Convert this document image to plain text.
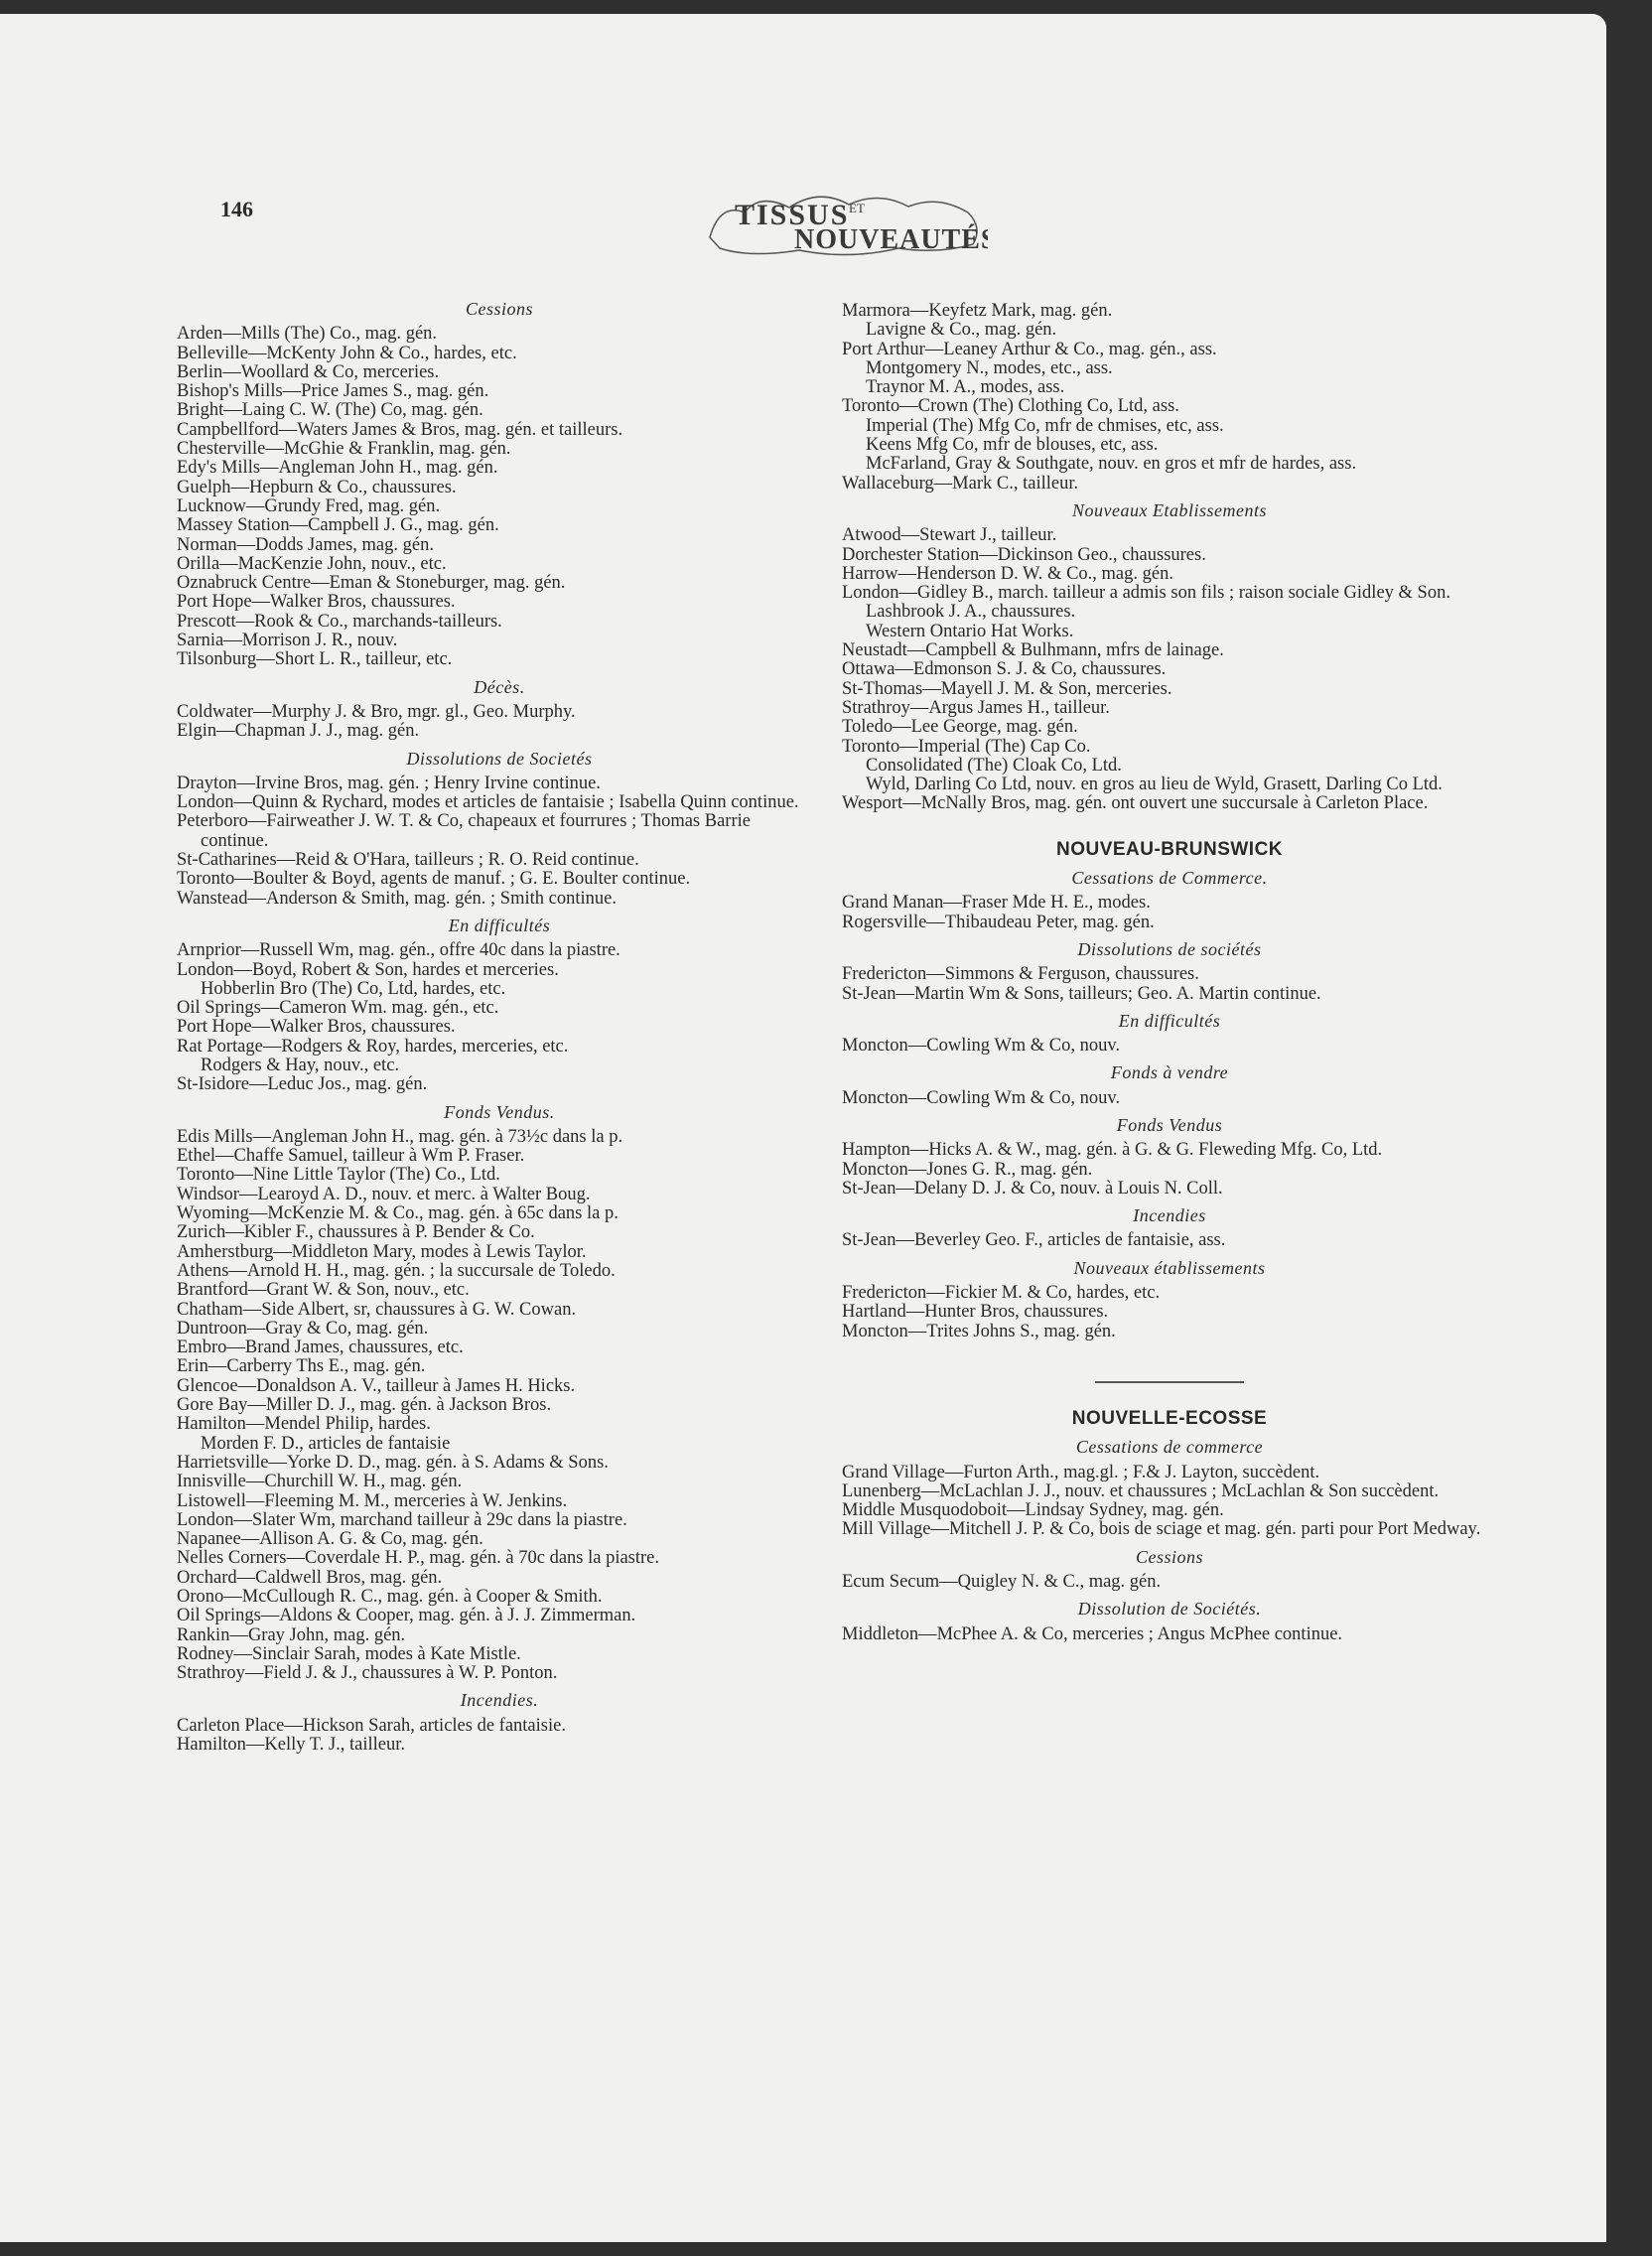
146	TISSUS ET
NOUVEAUTÉS
Cessions
Arden—Mills (The) Co., mag. gén.
Belleville—McKenty John & Co., hardes, etc.
Berlin—Woollard & Co, merceries.
Bishop's Mills—Price James S., mag. gén.
Bright—Laing C. W. (The) Co, mag. gén.
Campbellford—Waters James & Bros, mag. gén. et tailleurs.
Chesterville—McGhie & Franklin, mag. gén.
Edy's Mills—Angleman John H., mag. gén.
Guelph—Hepburn & Co., chaussures.
Lucknow—Grundy Fred, mag. gén.
Massey Station—Campbell J. G., mag. gén.
Norman—Dodds James, mag. gén.
Orilla—MacKenzie John, nouv., etc.
Oznabruck Centre—Eman & Stoneburger, mag. gén.
Port Hope—Walker Bros, chaussures.
Prescott—Rook & Co., marchands-tailleurs.
Sarnia—Morrison J. R., nouv.
Tilsonburg—Short L. R., tailleur, etc.
Décès.
Coldwater—Murphy J. & Bro, mgr. gl., Geo. Murphy.
Elgin—Chapman J. J., mag. gén.
Dissolutions de Societés
Drayton—Irvine Bros, mag. gén. ; Henry Irvine continue.
London—Quinn & Rychard, modes et articles de fantaisie ; Isabella Quinn continue.
Peterboro—Fairweather J. W. T. & Co, chapeaux et fourrures ; Thomas Barrie continue.
St-Catharines—Reid & O'Hara, tailleurs ; R. O. Reid continue.
Toronto—Boulter & Boyd, agents de manuf. ; G. E. Boulter continue.
Wanstead—Anderson & Smith, mag. gén. ; Smith continue.
En difficultés
Arnprior—Russell Wm, mag. gén., offre 40c dans la piastre.
London—Boyd, Robert & Son, hardes et merceries.
Hobberlin Bro (The) Co, Ltd, hardes, etc.
Oil Springs—Cameron Wm. mag. gén., etc.
Port Hope—Walker Bros, chaussures.
Rat Portage—Rodgers & Roy, hardes, merceries, etc.
Rodgers & Hay, nouv., etc.
St-Isidore—Leduc Jos., mag. gén.
Fonds Vendus.
Edis Mills—Angleman John H., mag. gén. à 73½c dans la p.
Ethel—Chaffe Samuel, tailleur à Wm P. Fraser.
Toronto—Nine Little Taylor (The) Co., Ltd.
Windsor—Learoyd A. D., nouv. et merc. à Walter Boug.
Wyoming—McKenzie M. & Co., mag. gén. à 65c dans la p.
Zurich—Kibler F., chaussures à P. Bender & Co.
Amherstburg—Middleton Mary, modes à Lewis Taylor.
Athens—Arnold H. H., mag. gén. ; la succursale de Toledo.
Brantford—Grant W. & Son, nouv., etc.
Chatham—Side Albert, sr, chaussures à G. W. Cowan.
Duntroon—Gray & Co, mag. gén.
Embro—Brand James, chaussures, etc.
Erin—Carberry Ths E., mag. gén.
Glencoe—Donaldson A. V., tailleur à James H. Hicks.
Gore Bay—Miller D. J., mag. gén. à Jackson Bros.
Hamilton—Mendel Philip, hardes.
Morden F. D., articles de fantaisie
Harrietsville—Yorke D. D., mag. gén. à S. Adams & Sons.
Innisville—Churchill W. H., mag. gén.
Listowell—Fleeming M. M., merceries à W. Jenkins.
London—Slater Wm, marchand tailleur à 29c dans la piastre.
Napanee—Allison A. G. & Co, mag. gén.
Nelles Corners—Coverdale H. P., mag. gén. à 70c dans la piastre.
Orchard—Caldwell Bros, mag. gén.
Orono—McCullough R. C., mag. gén. à Cooper & Smith.
Oil Springs—Aldons & Cooper, mag. gén. à J. J. Zimmerman.
Rankin—Gray John, mag. gén.
Rodney—Sinclair Sarah, modes à Kate Mistle.
Strathroy—Field J. & J., chaussures à W. P. Ponton.
Incendies.
Carleton Place—Hickson Sarah, articles de fantaisie.
Hamilton—Kelly T. J., tailleur.
Marmora—Keyfetz Mark, mag. gén.
Lavigne & Co., mag. gén.
Port Arthur—Leaney Arthur & Co., mag. gén., ass.
Montgomery N., modes, etc., ass.
Traynor M. A., modes, ass.
Toronto—Crown (The) Clothing Co, Ltd, ass.
Imperial (The) Mfg Co, mfr de chmises, etc, ass.
Keens Mfg Co, mfr de blouses, etc, ass.
McFarland, Gray & Southgate, nouv. en gros et mfr de hardes, ass.
Wallaceburg—Mark C., tailleur.
Nouveaux Etablissements
Atwood—Stewart J., tailleur.
Dorchester Station—Dickinson Geo., chaussures.
Harrow—Henderson D. W. & Co., mag. gén.
London—Gidley B., march. tailleur a admis son fils ; raison sociale Gidley & Son.
Lashbrook J. A., chaussures.
Western Ontario Hat Works.
Neustadt—Campbell & Bulhmann, mfrs de lainage.
Ottawa—Edmonson S. J. & Co, chaussures.
St-Thomas—Mayell J. M. & Son, merceries.
Strathroy—Argus James H., tailleur.
Toledo—Lee George, mag. gén.
Toronto—Imperial (The) Cap Co.
Consolidated (The) Cloak Co, Ltd.
Wyld, Darling Co Ltd, nouv. en gros au lieu de Wyld, Grasett, Darling Co Ltd.
Wesport—McNally Bros, mag. gén. ont ouvert une succursale à Carleton Place.
NOUVEAU-BRUNSWICK
Cessations de Commerce.
Grand Manan—Fraser Mde H. E., modes.
Rogersville—Thibaudeau Peter, mag. gén.
Dissolutions de sociétés
Fredericton—Simmons & Ferguson, chaussures.
St-Jean—Martin Wm & Sons, tailleurs; Geo. A. Martin continue.
En difficultés
Moncton—Cowling Wm & Co, nouv.
Fonds à vendre
Moncton—Cowling Wm & Co, nouv.
Fonds Vendus
Hampton—Hicks A. & W., mag. gén. à G. & G. Fleweding Mfg. Co, Ltd.
Moncton—Jones G. R., mag. gén.
St-Jean—Delany D. J. & Co, nouv. à Louis N. Coll.
Incendies
St-Jean—Beverley Geo. F., articles de fantaisie, ass.
Nouveaux établissements
Fredericton—Fickier M. & Co, hardes, etc.
Hartland—Hunter Bros, chaussures.
Moncton—Trites Johns S., mag. gén.
NOUVELLE-ECOSSE
Cessations de commerce
Grand Village—Furton Arth., mag.gl. ; F.& J. Layton, succèdent.
Lunenberg—McLachlan J. J., nouv. et chaussures ; McLachlan & Son succèdent.
Middle Musquodoboit—Lindsay Sydney, mag. gén.
Mill Village—Mitchell J. P. & Co, bois de sciage et mag. gén. parti pour Port Medway.
Cessions
Ecum Secum—Quigley N. & C., mag. gén.
Dissolution de Sociétés.
Middleton—McPhee A. & Co, merceries ; Angus McPhee continue.
